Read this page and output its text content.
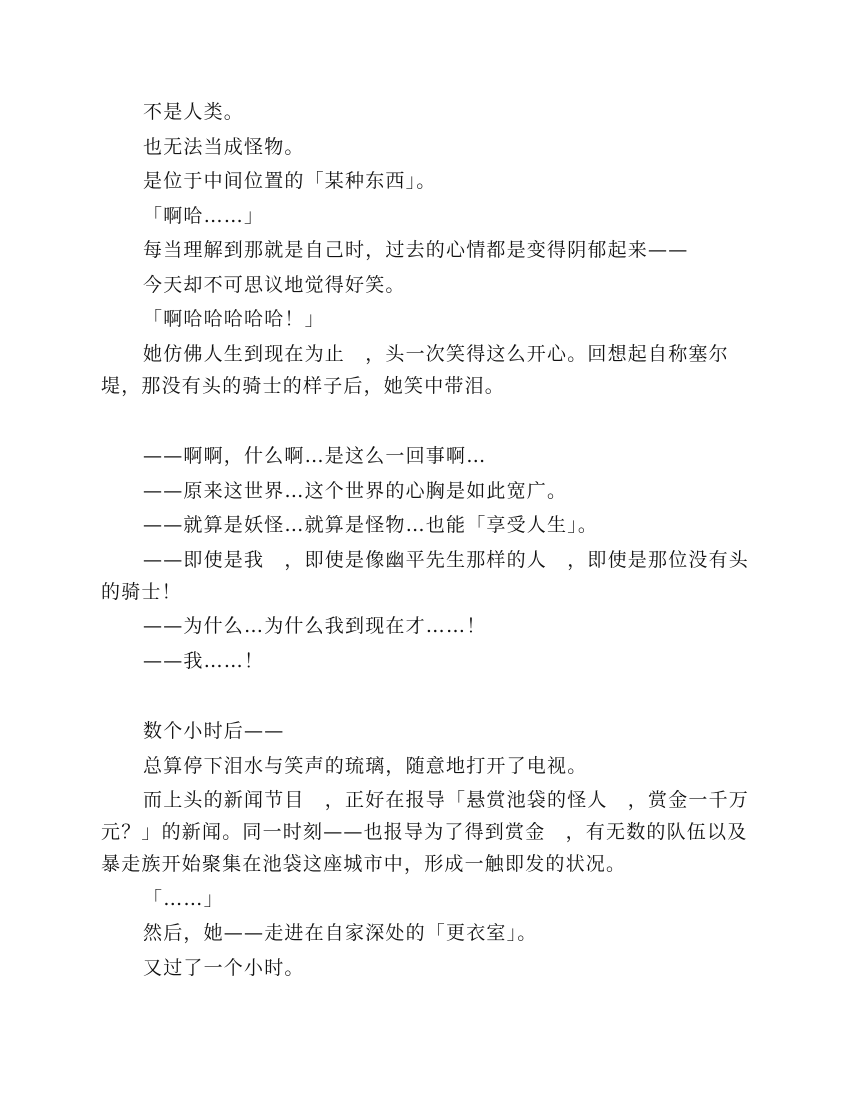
不是人类。

也无法当成怪物。

是位于中间位置的「某种东西」。

「啊哈……」

每当理解到那就是自己时，过去的心情都是变得阴郁起来——

今天却不可思议地觉得好笑。

「啊哈哈哈哈哈！」

她仿佛人生到现在为止　，头一次笑得这么开心。回想起自称塞尔堤，那没有头的骑士的样子后，她笑中带泪。

——啊啊，什么啊…是这么一回事啊…

——原来这世界…这个世界的心胸是如此宽广。

——就算是妖怪…就算是怪物…也能「享受人生」。

——即使是我　，即使是像幽平先生那样的人　，即使是那位没有头的骑士！

——为什么…为什么我到现在才……！

——我……！

数个小时后——

总算停下泪水与笑声的琉璃，随意地打开了电视。

而上头的新闻节目　，正好在报导「悬赏池袋的怪人　，赏金一千万元？」的新闻。同一时刻——也报导为了得到赏金　，有无数的队伍以及暴走族开始聚集在池袋这座城市中，形成一触即发的状况。

「……」

然后，她——走进在自家深处的「更衣室」。

又过了一个小时。
